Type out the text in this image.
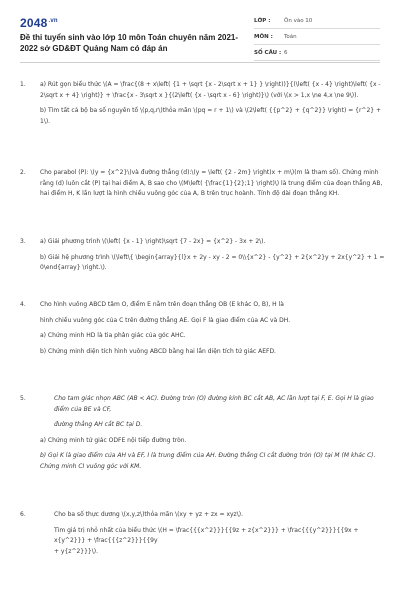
$2048^{.vn}$
Đề thi tuyển sinh vào lớp 10 môn Toán chuyên năm 2021-2022 sở GD&ĐT Quảng Nam có đáp án
LỚP :	Ôn vào 10
MÔN :	Toán
SỐ CÂU : 6
1.	a) Rút gọn biểu thức \(A = \frac{(8 + x\left( {1 + \sqrt {x - 2\sqrt x + 1} } \right))}{(\left( {x - 4} \right)\left( {x - 2\sqrt x + 4} \right)} + \frac{x - 3\sqrt x }{(2\left( {x - \sqrt x - 6} \right)}\) (với \(x > 1,x \ne 4,x \ne 9\)).

b) Tìm tất cả bộ ba số nguyên tố \(p,q,r\)thỏa mãn \(pq = r + 1\) và \(2\left( {{p^2} + {q^2}} \right) = {r^2} + 1\).

2.	Cho parabol (P): \(y = {x^2}\)và đường thẳng (d):\(y = \left( {2 - 2m} \right)x + m\)(m là tham số). Chứng minh rằng (d) luôn cắt (P) tại hai điểm A, B sao cho \(M\left( {\frac{1}{2};1} \right)\) là trung điểm của đoạn thẳng AB, hai điểm H, K lần lượt là hình chiếu vuông góc của A, B trên trục hoành. Tính độ dài đoạn thẳng KH.

3.	a) Giải phương trình \(\left( {x - 1} \right)\sqrt {7 - 2x} = {x^2} - 3x + 2\).

b) Giải hệ phương trình \(\left\{ \begin{array}{l}x + 2y - xy - 2 = 0\\{x^2} - {y^2} + 2{x^2}y + 2x{y^2} + 1 = 0\end{array} \right.\).

4.	Cho hình vuông ABCD tâm O, điểm E nằm trên đoạn thẳng OB (E khác O, B), H là

hình chiếu vuông góc của C trên đường thẳng AE. Gọi F là giao điểm của AC và DH.

a) Chứng minh HD là tia phân giác của góc AHC.

b) Chứng minh diện tích hình vuông ABCD bằng hai lần diện tích tứ giác AEFD.

5.	Cho tam giác nhọn ABC (AB < AC). Đường tròn (O) đường kính BC cắt AB, AC lần lượt tại F, E. Gọi H là giao điểm của BE và CF,

đường thẳng AH cắt BC tại D.

a) Chứng minh tứ giác ODFE nội tiếp đường tròn.

b) Gọi K là giao điểm của AH và EF, I là trung điểm của AH. Đường thẳng CI cắt đường tròn (O) tại M (M khác C). Chứng minh CI vuông góc với KM.

6.	Cho ba số thực dương \(x,y,z\)thỏa mãn \(xy + yz + zx = xyz\).

Tìm giá trị nhỏ nhất của biểu thức \(H = \frac{{{x^2}}}{{9z + z{x^2}}} + \frac{{{y^2}}}{{9x + x{y^2}}} + \frac{{{z^2}}}{{9y

+ y{z^2}}}\).
